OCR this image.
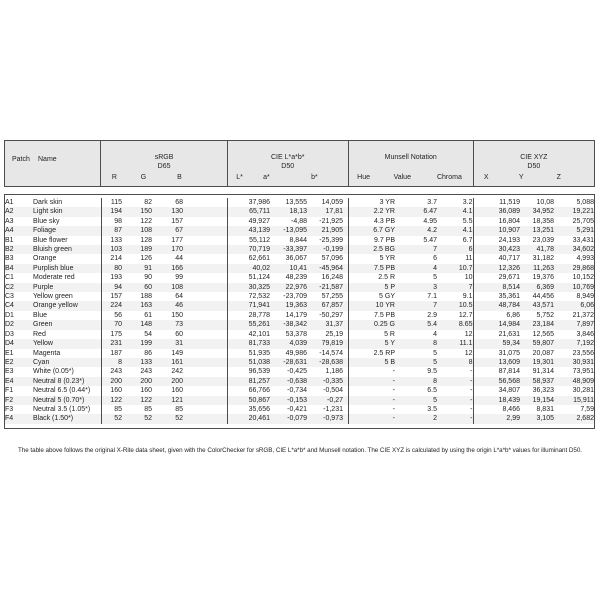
Patch	Name	sRGB
D65
R	G	B
CIE L*a*b*
D50
L*	a*	b*
Munsell Notation
Hue	Value	Chroma
CIE XYZ
D50
X	Y	Z
A1	Dark skin	115	82	68		37,986	13,555	14,059		3 YR	3.7	3.2	11,519	10,08	5,088
A2	Light skin	194	150	130		65,711	18,13	17,81		2.2 YR	6.47	4.1	36,089	34,952	19,221
A3	Blue sky	98	122	157		49,927	-4,88	-21,925		4.3 PB	4.95	5.5	16,804	18,358	25,705
A4	Foliage	87	108	67		43,139	-13,095	21,905		6.7 GY	4.2	4.1	10,907	13,251	5,291
B1	Blue flower	133	128	177		55,112	8,844	-25,399		9.7 PB	5.47	6.7	24,193	23,039	33,431
B2	Bluish green	103	189	170		70,719	-33,397	-0,199		2.5 BG	7	6	30,423	41,78	34,602
B3	Orange	214	126	44		62,661	36,067	57,096		5 YR	6	11	40,717	31,182	4,993
B4	Purplish blue	80	91	166		40,02	10,41	-45,964		7.5 PB	4	10.7	12,326	11,263	29,868
C1	Moderate red	193	90	99		51,124	48,239	16,248		2.5 R	5	10	29,671	19,376	10,152
C2	Purple	94	60	108		30,325	22,976	-21,587		5 P	3	7	8,514	6,369	10,769
C3	Yellow green	157	188	64		72,532	-23,709	57,255		5 GY	7.1	9.1	35,361	44,456	8,949
C4	Orange yellow	224	163	46		71,941	19,363	67,857		10 YR	7	10.5	48,784	43,571	6,06
D1	Blue	56	61	150		28,778	14,179	-50,297		7.5 PB	2.9	12.7	6,86	5,752	21,372
D2	Green	70	148	73		55,261	-38,342	31,37		0.25 G	5.4	8.65	14,984	23,184	7,897
D3	Red	175	54	60		42,101	53,378	25,19		5 R	4	12	21,631	12,565	3,846
D4	Yellow	231	199	31		81,733	4,039	79,819		5 Y	8	11.1	59,34	59,807	7,192
E1	Magenta	187	86	149		51,935	49,986	-14,574		2.5 RP	5	12	31,075	20,087	23,556
E2	Cyan	8	133	161		51,038	-28,631	-28,638		5 B	5	8	13,609	19,301	30,931
E3	White (0.05*)	243	243	242		96,539	-0,425	1,186		-	9.5	-	87,814	91,314	73,951
E4	Neutral 8 (0.23*)	200	200	200		81,257	-0,638	-0,335		-	8	-	56,568	58,937	48,909
F1	Neutral 6.5 (0.44*)	160	160	160		66,766	-0,734	-0,504		-	6.5	-	34,807	36,323	30,281
F2	Neutral 5 (0.70*)	122	122	121		50,867	-0,153	-0,27		-	5	-	18,439	19,154	15,911
F3	Neutral 3.5 (1.05*)	85	85	85		35,656	-0,421	-1,231		-	3.5	-	8,466	8,831	7,59
F4	Black (1.50*)	52	52	52		20,461	-0,079	-0,973		-	2	-	2,99	3,105	2,682
The table above follows the original X-Rite data sheet, given with the ColorChecker for sRGB, CIE L*a*b* and Munsell notation. The CIE XYZ is calculated by using the origin L*a*b* values for illuminant D50.
